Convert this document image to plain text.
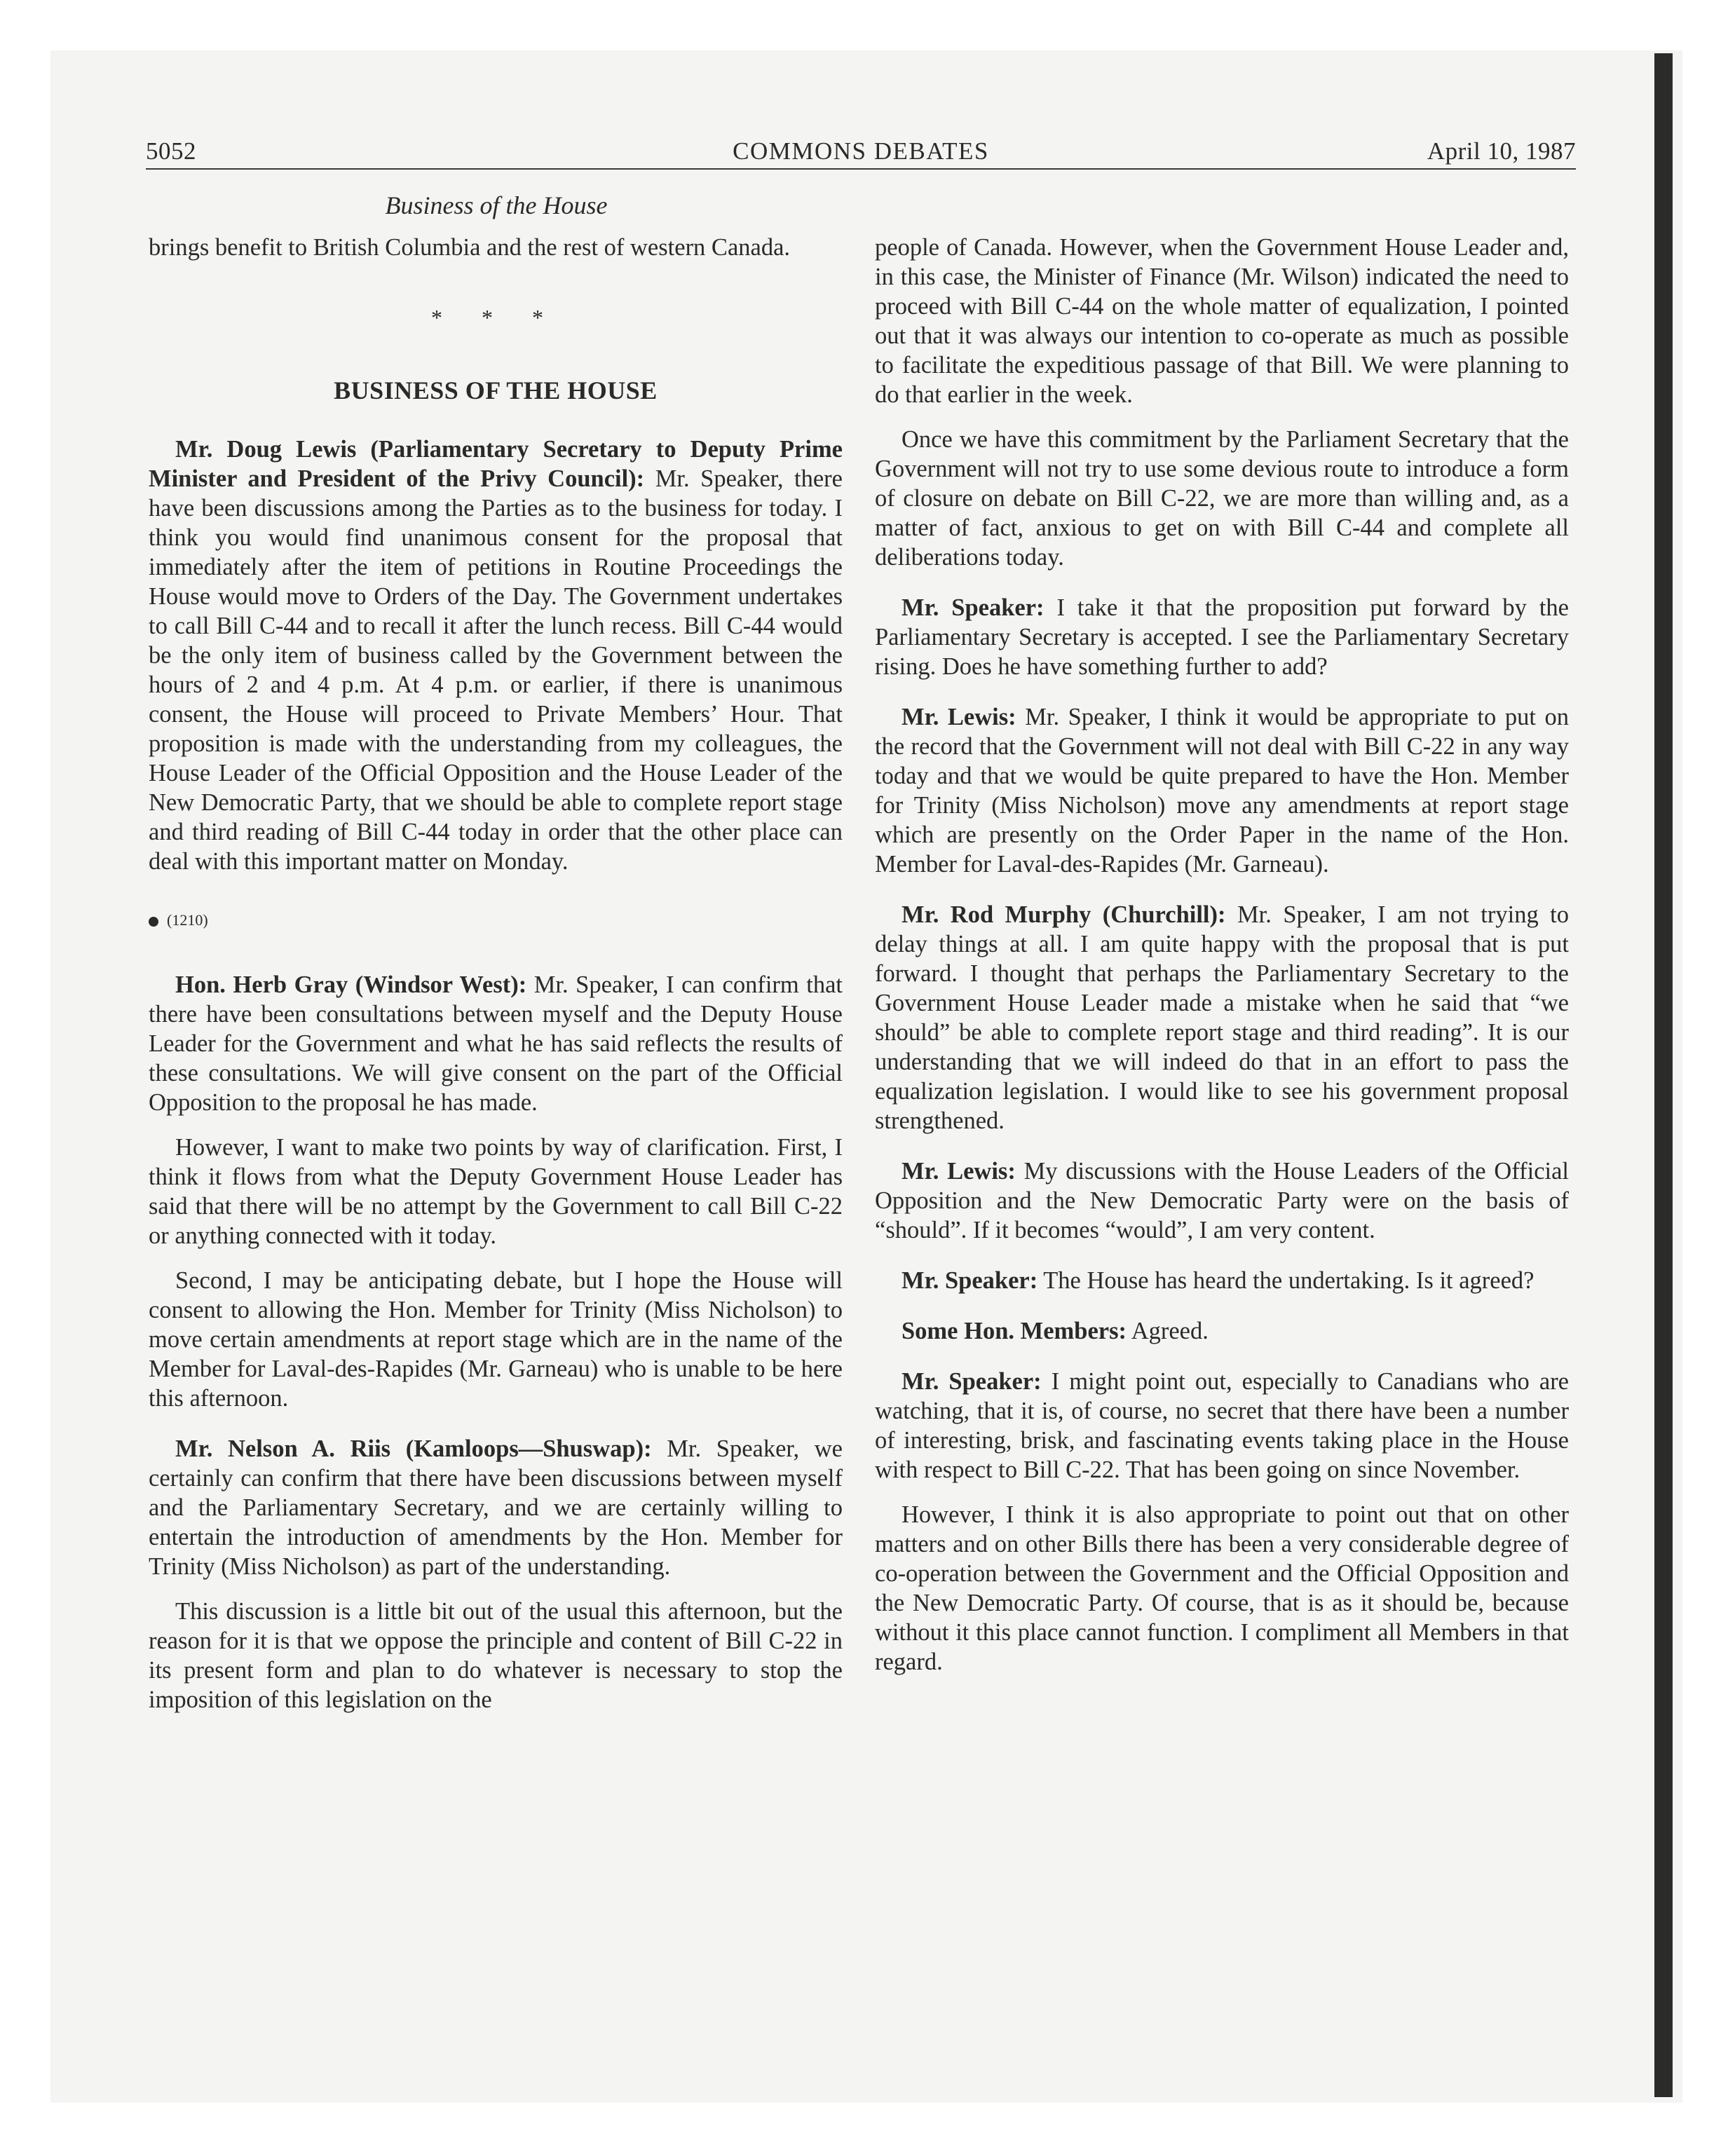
5052	COMMONS DEBATES	April 10, 1987
Business of the House

brings benefit to British Columbia and the rest of western Canada.

* * *
BUSINESS OF THE HOUSE

Mr. Doug Lewis (Parliamentary Secretary to Deputy Prime Minister and President of the Privy Council): Mr. Speaker, there have been discussions among the Parties as to the business for today. I think you would find unanimous consent for the proposal that immediately after the item of petitions in Routine Proceedings the House would move to Orders of the Day. The Government undertakes to call Bill C-44 and to recall it after the lunch recess. Bill C-44 would be the only item of business called by the Government between the hours of 2 and 4 p.m. At 4 p.m. or earlier, if there is unanimous consent, the House will proceed to Private Members’ Hour. That proposition is made with the understanding from my colleagues, the House Leader of the Official Opposition and the House Leader of the New Democratic Party, that we should be able to complete report stage and third reading of Bill C-44 today in order that the other place can deal with this important matter on Monday.

(1210)

Hon. Herb Gray (Windsor West): Mr. Speaker, I can confirm that there have been consultations between myself and the Deputy House Leader for the Government and what he has said reflects the results of these consultations. We will give consent on the part of the Official Opposition to the proposal he has made.

However, I want to make two points by way of clarification. First, I think it flows from what the Deputy Government House Leader has said that there will be no attempt by the Government to call Bill C-22 or anything connected with it today.

Second, I may be anticipating debate, but I hope the House will consent to allowing the Hon. Member for Trinity (Miss Nicholson) to move certain amendments at report stage which are in the name of the Member for Laval-des-Rapides (Mr. Garneau) who is unable to be here this afternoon.

Mr. Nelson A. Riis (Kamloops—Shuswap): Mr. Speaker, we certainly can confirm that there have been discussions between myself and the Parliamentary Secretary, and we are certainly willing to entertain the introduction of amendments by the Hon. Member for Trinity (Miss Nicholson) as part of the understanding.

This discussion is a little bit out of the usual this afternoon, but the reason for it is that we oppose the principle and content of Bill C-22 in its present form and plan to do whatever is necessary to stop the imposition of this legislation on the

people of Canada. However, when the Government House Leader and, in this case, the Minister of Finance (Mr. Wilson) indicated the need to proceed with Bill C-44 on the whole matter of equalization, I pointed out that it was always our intention to co-operate as much as possible to facilitate the expeditious passage of that Bill. We were planning to do that earlier in the week.

Once we have this commitment by the Parliament Secretary that the Government will not try to use some devious route to introduce a form of closure on debate on Bill C-22, we are more than willing and, as a matter of fact, anxious to get on with Bill C-44 and complete all deliberations today.

Mr. Speaker: I take it that the proposition put forward by the Parliamentary Secretary is accepted. I see the Parliamentary Secretary rising. Does he have something further to add?

Mr. Lewis: Mr. Speaker, I think it would be appropriate to put on the record that the Government will not deal with Bill C-22 in any way today and that we would be quite prepared to have the Hon. Member for Trinity (Miss Nicholson) move any amendments at report stage which are presently on the Order Paper in the name of the Hon. Member for Laval-des-Rapides (Mr. Garneau).

Mr. Rod Murphy (Churchill): Mr. Speaker, I am not trying to delay things at all. I am quite happy with the proposal that is put forward. I thought that perhaps the Parliamentary Secretary to the Government House Leader made a mistake when he said that “we should” be able to complete report stage and third reading”. It is our understanding that we will indeed do that in an effort to pass the equalization legislation. I would like to see his government proposal strengthened.

Mr. Lewis: My discussions with the House Leaders of the Official Opposition and the New Democratic Party were on the basis of “should”. If it becomes “would”, I am very content.

Mr. Speaker: The House has heard the undertaking. Is it agreed?

Some Hon. Members: Agreed.

Mr. Speaker: I might point out, especially to Canadians who are watching, that it is, of course, no secret that there have been a number of interesting, brisk, and fascinating events taking place in the House with respect to Bill C-22. That has been going on since November.

However, I think it is also appropriate to point out that on other matters and on other Bills there has been a very considerable degree of co-operation between the Government and the Official Opposition and the New Democratic Party. Of course, that is as it should be, because without it this place cannot function. I compliment all Members in that regard.
